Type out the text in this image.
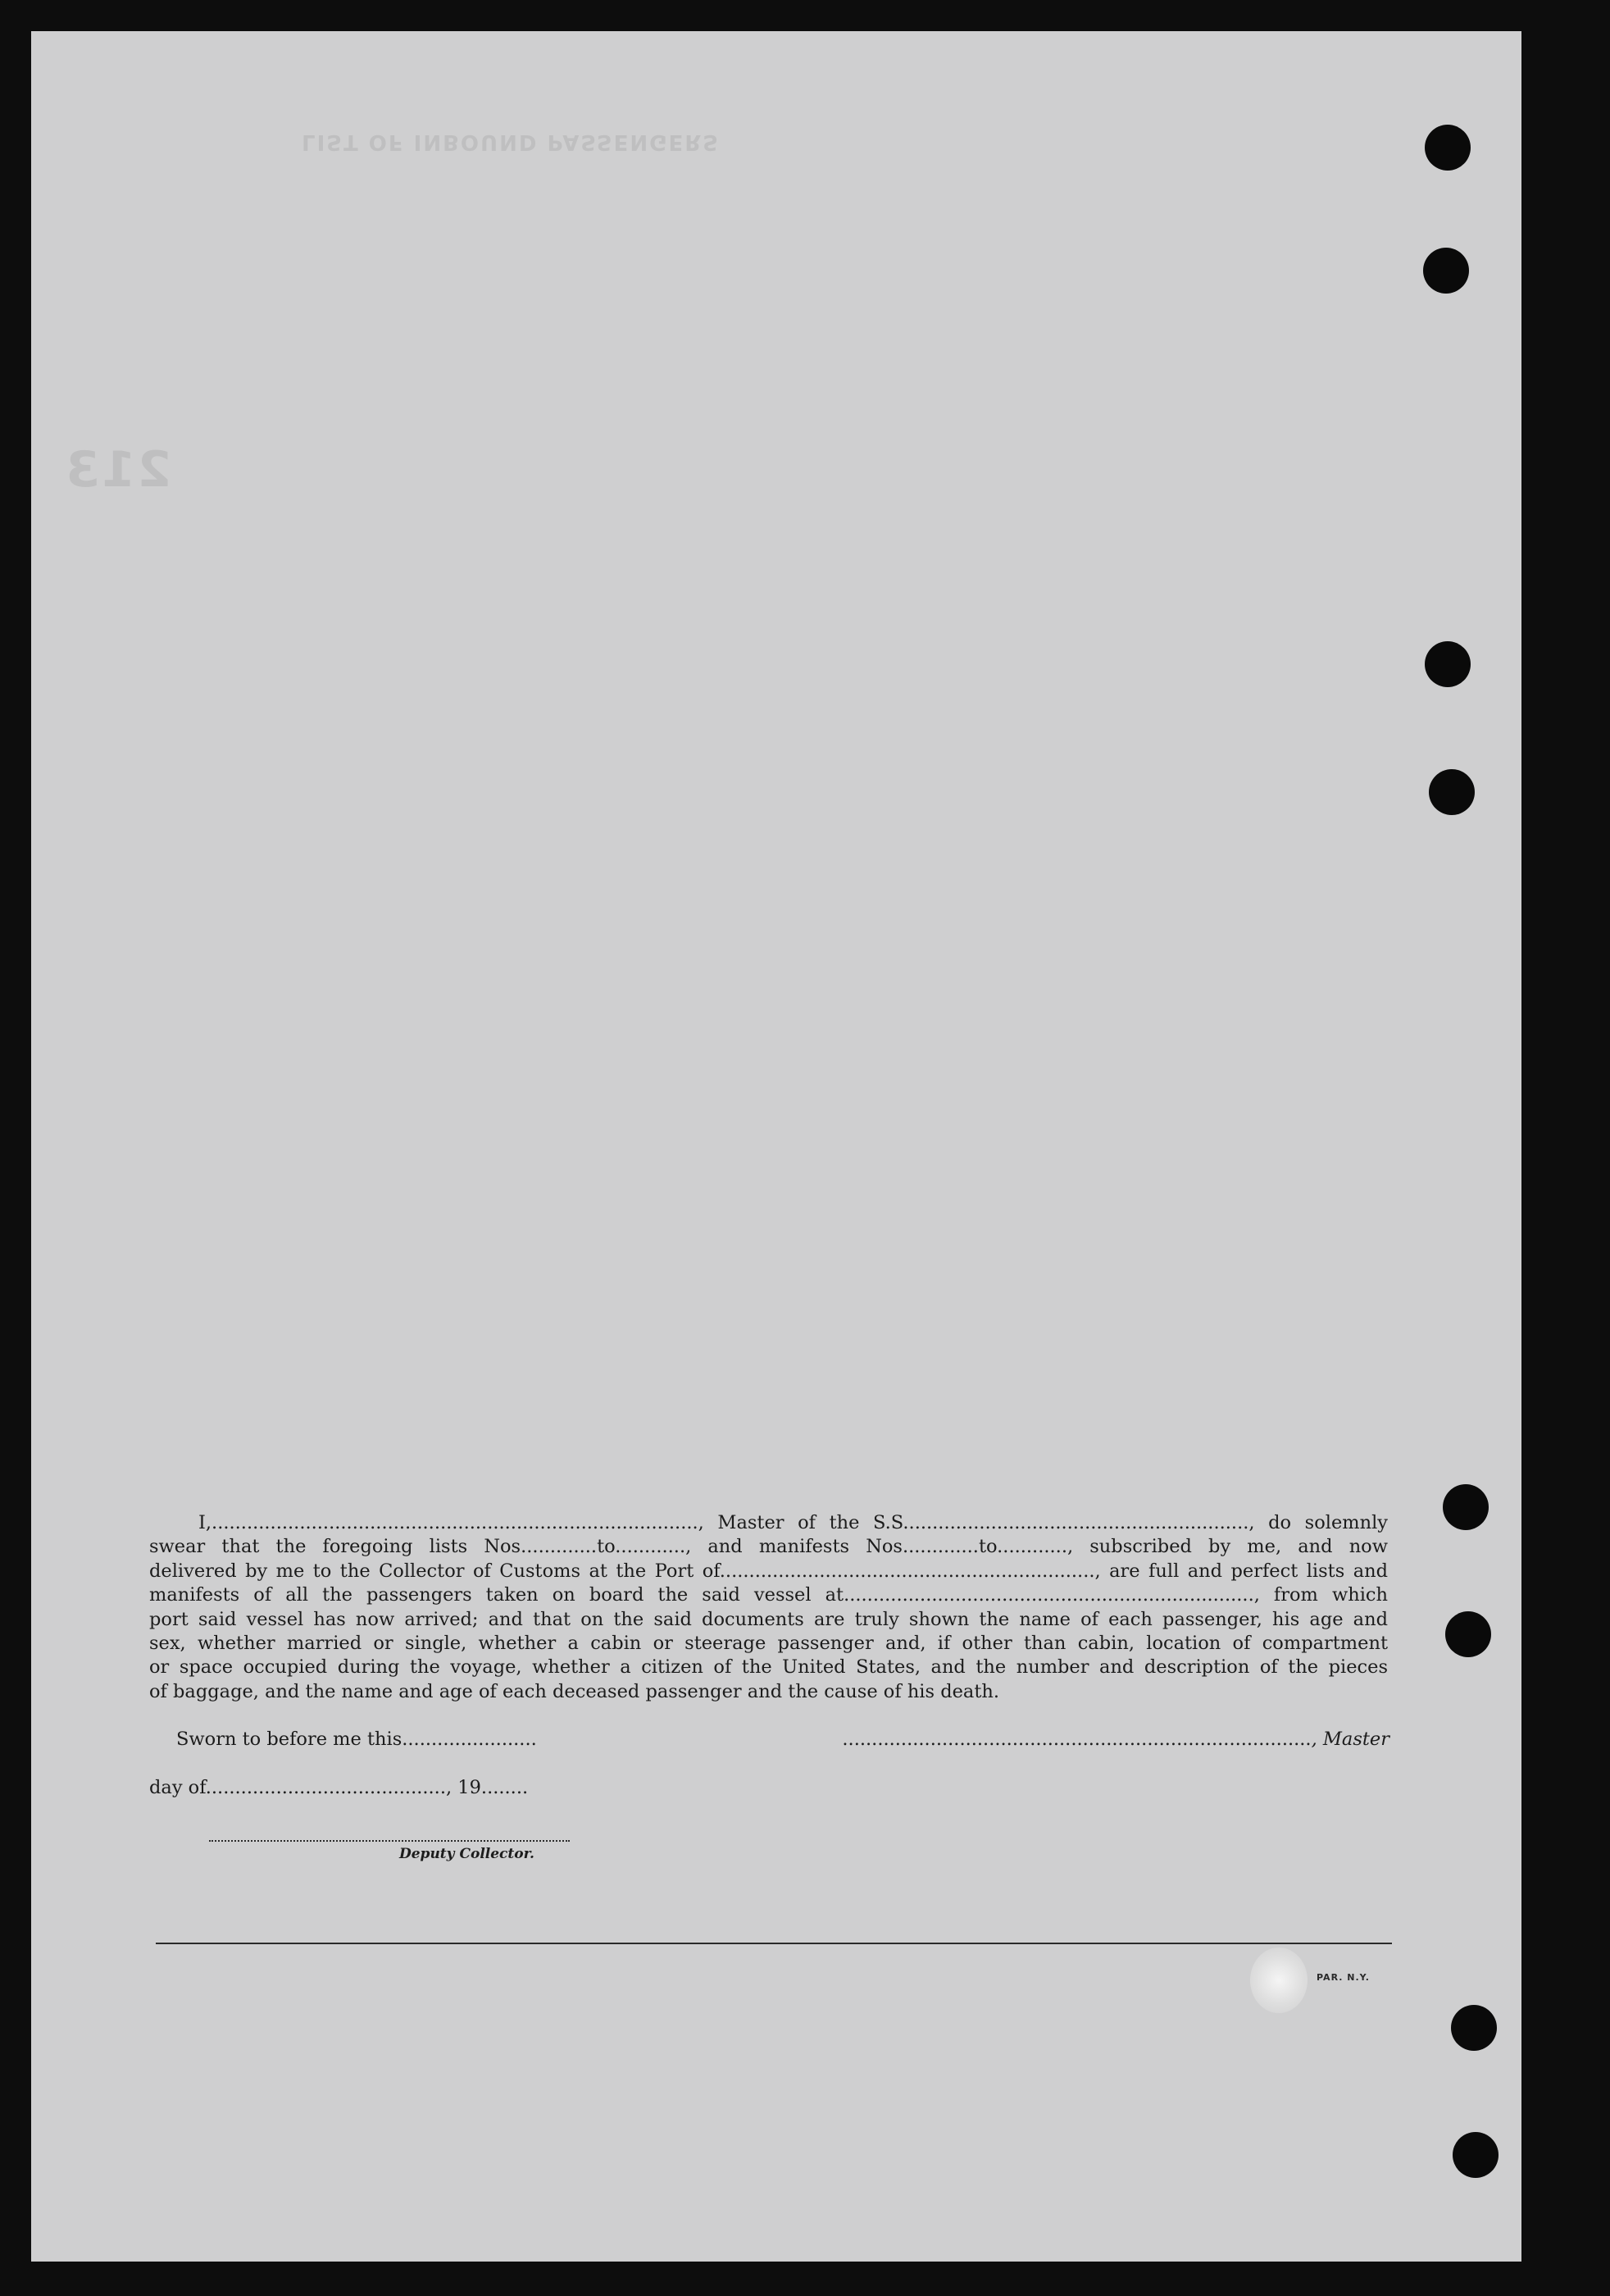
LIST OF INBOUND PASSENGERS
213

I,..................................................................................., Master of the S.S..........................................................., do solemnly

swear that the foregoing lists Nos.............to............, and manifests Nos.............to............, subscribed by me, and now

delivered by me to the Collector of Customs at the Port of................................................................, are full and perfect lists and

manifests of all the passengers taken on board the said vessel at......................................................................, from which

port said vessel has now arrived; and that on the said documents are truly shown the name of each passenger, his age and

sex, whether married or single, whether a cabin or steerage passenger and, if other than cabin, location of compartment

or space occupied during the voyage, whether a citizen of the United States, and the number and description of the pieces

of baggage, and the name and age of each deceased passenger and the cause of his death.

Sworn to before me this.......................	................................................................................, Master
day of........................................., 19........
Deputy Collector.
PAR. N.Y.
